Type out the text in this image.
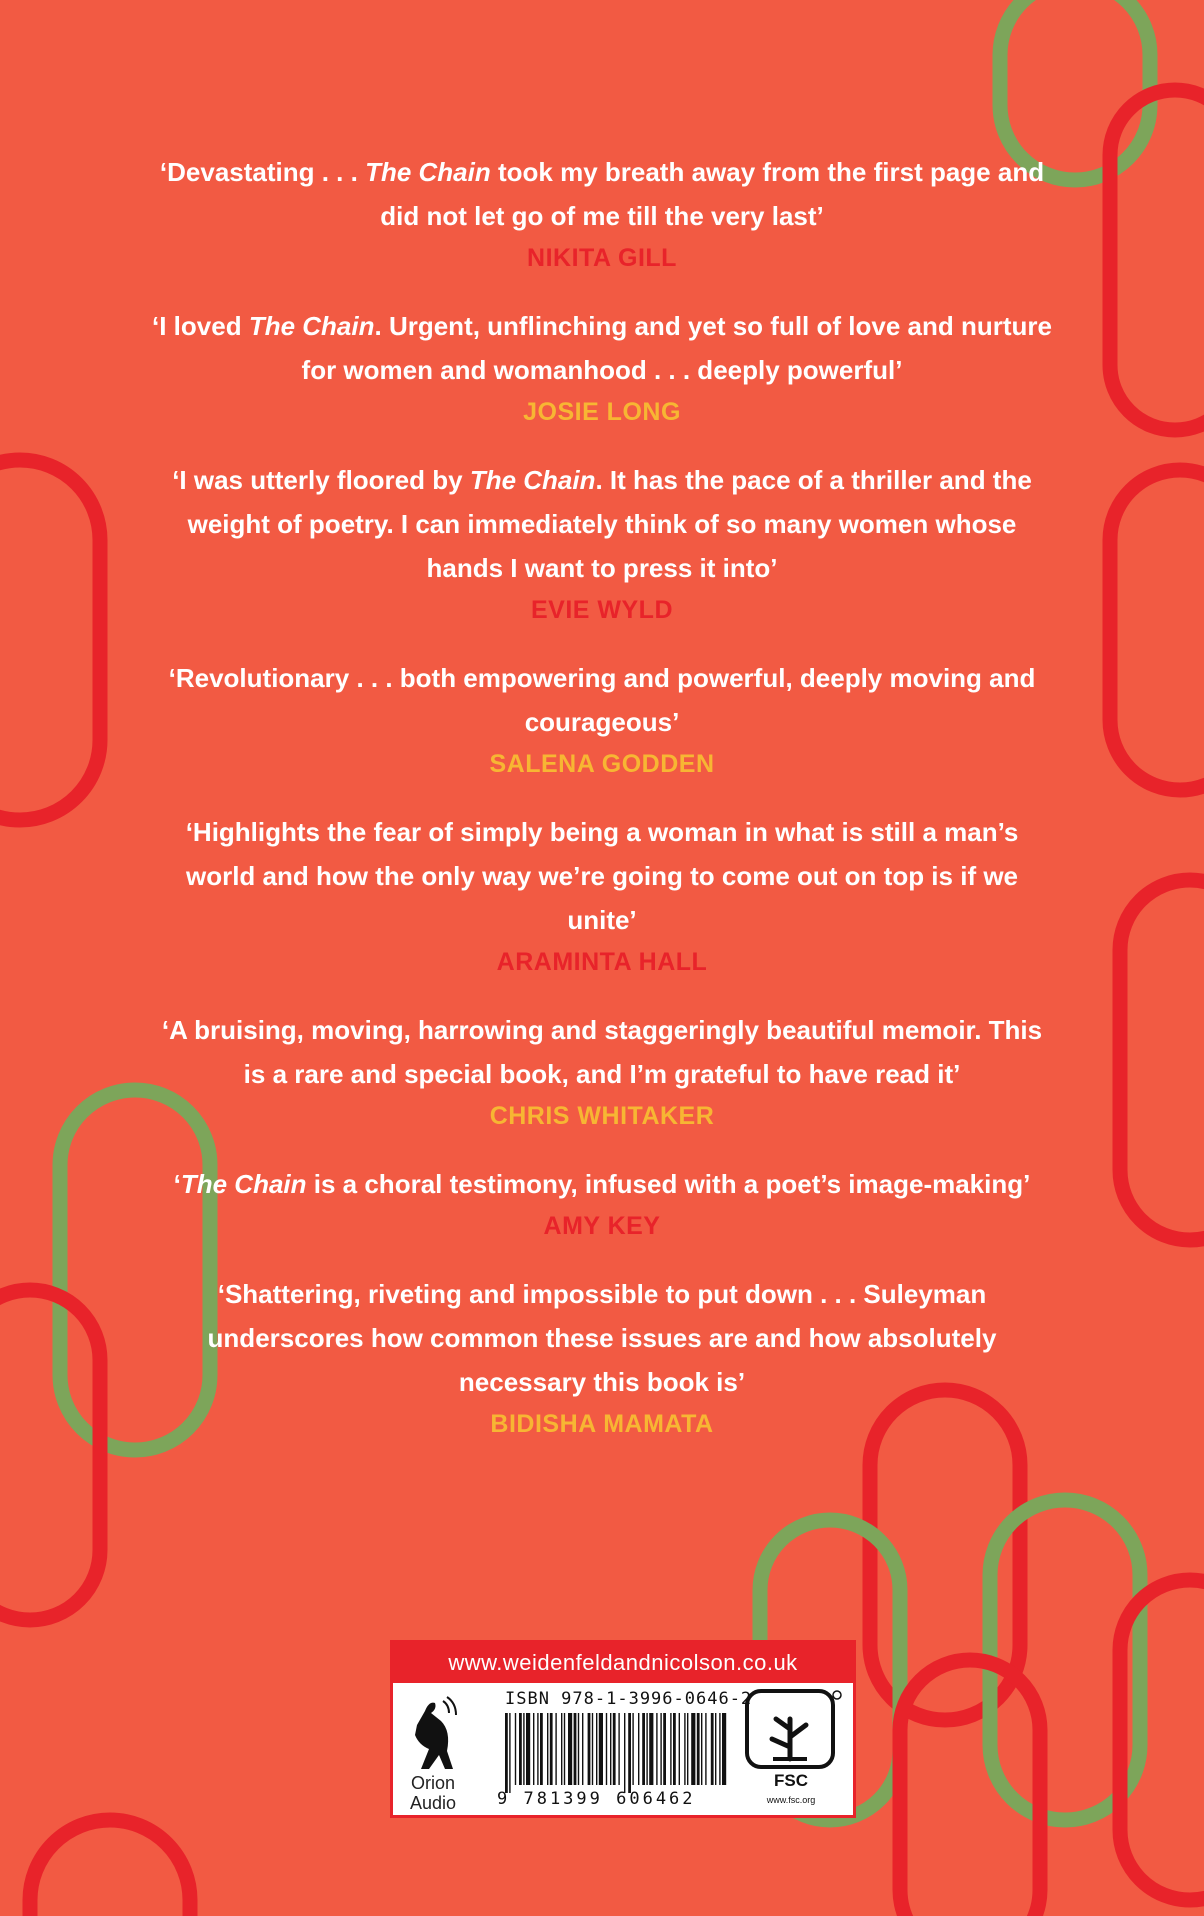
‘Devastating . . . The Chain took my breath away from the first page and did not let go of me till the very last’

NIKITA GILL

‘I loved The Chain. Urgent, unflinching and yet so full of love and nurture for women and womanhood . . . deeply powerful’

JOSIE LONG

‘I was utterly floored by The Chain. It has the pace of a thriller and the weight of poetry. I can immediately think of so many women whose hands I want to press it into’

EVIE WYLD

‘Revolutionary . . . both empowering and powerful, deeply moving and courageous’

SALENA GODDEN

‘Highlights the fear of simply being a woman in what is still a man’s world and how the only way we’re going to come out on top is if we unite’

ARAMINTA HALL

‘A bruising, moving, harrowing and staggeringly beautiful memoir. This is a rare and special book, and I’m grateful to have read it’

CHRIS WHITAKER

‘The Chain is a choral testimony, infused with a poet’s image-making’

AMY KEY

‘Shattering, riveting and impossible to put down . . . Suleyman underscores how common these issues are and how absolutely necessary this book is’

BIDISHA MAMATA

www.weidenfeldandnicolson.co.uk
Orion
Audio
ISBN 978-1-3996-0646-2
9 781399 606462
FSC
www.fsc.org
